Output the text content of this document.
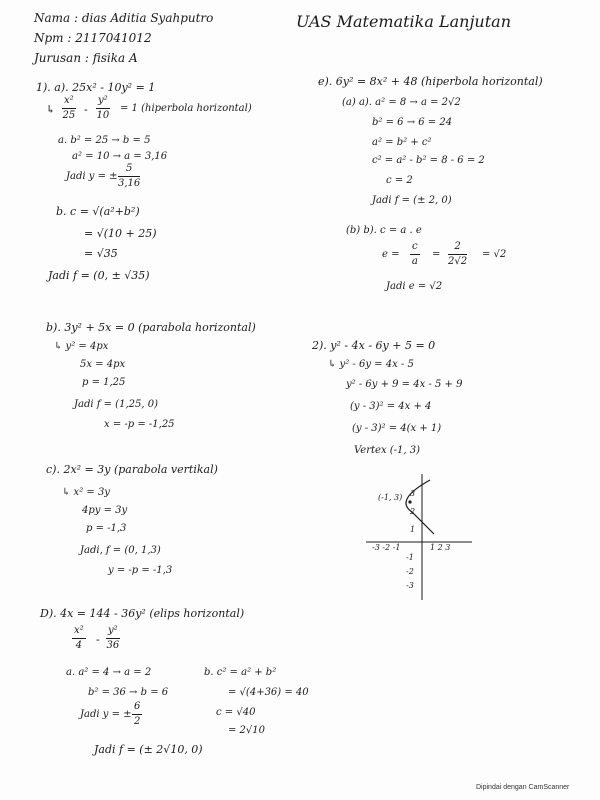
Nama : dias Aditia Syahputro
Npm : 2117041012
Jurusan : fisika A
UAS Matematika Lanjutan
1). a). 25x² - 10y² = 1
↳ $\frac{\text{x²}}{25} - \frac{\text{y²}}{10} = 1$ (hiperbola horizontal)
a. b² = 25 → b = 5
a² = 10 → a = 3,16
Jadi y = ± $\frac{5}{3,16}$
b. c = √(a²+b²)
= √(10 + 25)
= √35
Jadi f = (0, ± √35)
b). 3y² + 5x = 0 (parabola horizontal)
↳ y² = 4px
5x = 4px
p = 1,25
Jadi f = (1,25, 0)
x = -p = -1,25
c). 2x² = 3y (parabola vertikal)
↳ x² = 3y
4py = 3y
p = -1,3
Jadi, f = (0, 1,3)
y = -p = -1,3
D). 4x = 144 - 36y² (elips horizontal)
$\frac{\text{x²}}{4} - \frac{\text{y²}}{36}$
a. a² = 4 → a = 2
b² = 36 → b = 6
Jadi y = ± $\frac{6}{2}$
b. c² = a² + b²
= √(4+36) = 40
c = √40
= 2√10
Jadi f = (± 2√10, 0)
e). 6y² = 8x² + 48 (hiperbola horizontal)
(a) a). a² = 8 → a = 2√2
b² = 6 → 6 = 24
a² = b² + c²
c² = a² - b² = 8 - 6 = 2
c = 2
Jadi f = (± 2, 0)
(b) b). c = a . e
$e = \frac{c}{a} = \frac{2}{2√2} = √2$
Jadi e = √2
2). y² - 4x - 6y + 5 = 0
↳ y² - 6y = 4x - 5
y² - 6y + 9 = 4x - 5 + 9
(y - 3)² = 4x + 4
(y - 3)² = 4(x + 1)
Vertex (-1, 3)
(-1, 3)
-3 -2 -1	1 2 3
3
2
1
-1
-2
-3
Dipindai dengan CamScanner
